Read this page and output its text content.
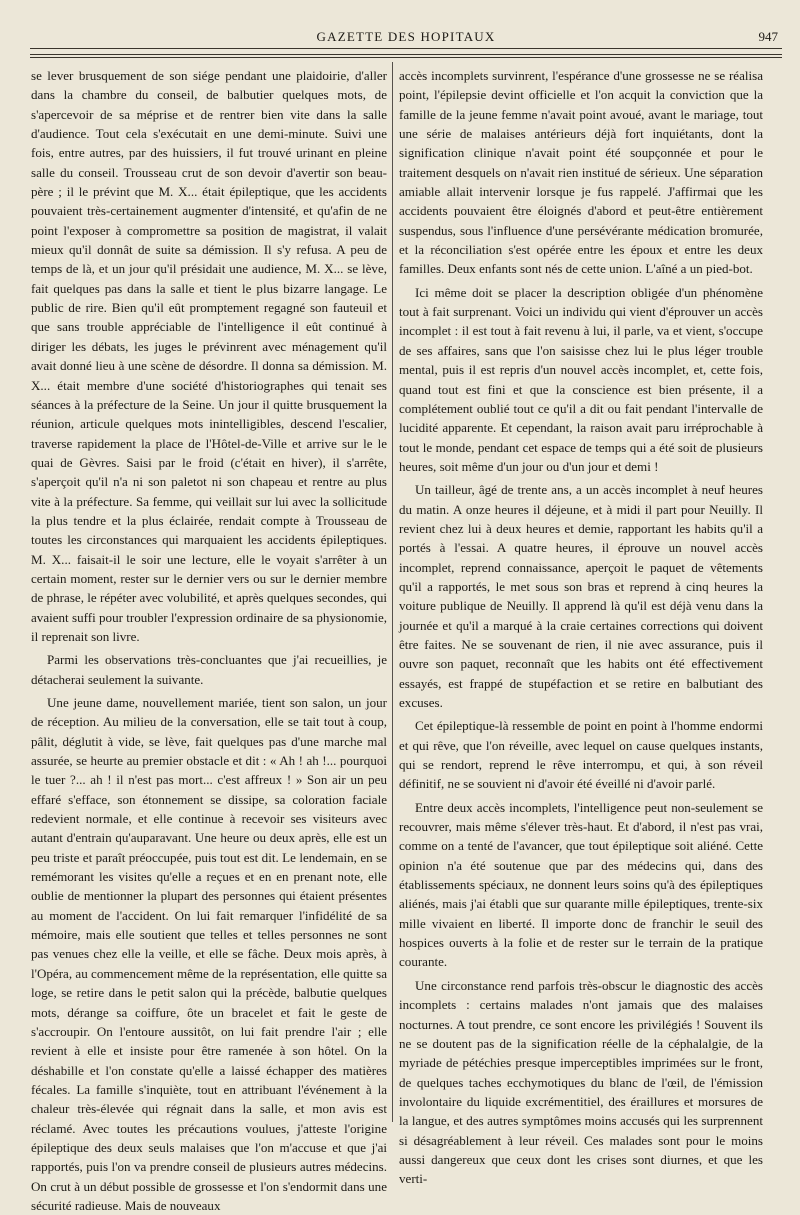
GAZETTE DES HOPITAUX	947

se lever brusquement de son siége pendant une plaidoirie, d'aller dans la chambre du conseil, de balbutier quelques mots, de s'apercevoir de sa méprise et de rentrer bien vite dans la salle d'audience. Tout cela s'exécutait en une demi-minute. Suivi une fois, entre autres, par des huissiers, il fut trouvé urinant en pleine salle du conseil. Trousseau crut de son devoir d'avertir son beau-père ; il le prévint que M. X... était épileptique, que les accidents pouvaient très-certainement augmenter d'intensité, et qu'afin de ne point l'exposer à compromettre sa position de magistrat, il valait mieux qu'il donnât de suite sa démission. Il s'y refusa. A peu de temps de là, et un jour qu'il présidait une audience, M. X... se lève, fait quelques pas dans la salle et tient le plus bizarre langage. Le public de rire. Bien qu'il eût promptement regagné son fauteuil et que sans trouble appréciable de l'intelligence il eût continué à diriger les débats, les juges le prévinrent avec ménagement qu'il avait donné lieu à une scène de désordre. Il donna sa démission. M. X... était membre d'une société d'historiographes qui tenait ses séances à la préfecture de la Seine. Un jour il quitte brusquement la réunion, articule quelques mots inintelligibles, descend l'escalier, traverse rapidement la place de l'Hôtel-de-Ville et arrive sur le le quai de Gèvres. Saisi par le froid (c'était en hiver), il s'arrête, s'aperçoit qu'il n'a ni son paletot ni son chapeau et rentre au plus vite à la préfecture. Sa femme, qui veillait sur lui avec la sollicitude la plus tendre et la plus éclairée, rendait compte à Trousseau de toutes les circonstances qui marquaient les accidents épileptiques. M. X... faisait-il le soir une lecture, elle le voyait s'arrêter à un certain moment, rester sur le dernier vers ou sur le dernier membre de phrase, le répéter avec volubilité, et après quelques secondes, qui avaient suffi pour troubler l'expression ordinaire de sa physionomie, il reprenait son livre.

Parmi les observations très-concluantes que j'ai recueillies, je détacherai seulement la suivante.

Une jeune dame, nouvellement mariée, tient son salon, un jour de réception. Au milieu de la conversation, elle se tait tout à coup, pâlit, déglutit à vide, se lève, fait quelques pas d'une marche mal assurée, se heurte au premier obstacle et dit : « Ah ! ah !... pourquoi le tuer ?... ah ! il n'est pas mort... c'est affreux ! » Son air un peu effaré s'efface, son étonnement se dissipe, sa coloration faciale redevient normale, et elle continue à recevoir ses visiteurs avec autant d'entrain qu'auparavant. Une heure ou deux après, elle est un peu triste et paraît préoccupée, puis tout est dit. Le lendemain, en se remémorant les visites qu'elle a reçues et en en prenant note, elle oublie de mentionner la plupart des personnes qui étaient présentes au moment de l'accident. On lui fait remarquer l'infidélité de sa mémoire, mais elle soutient que telles et telles personnes ne sont pas venues chez elle la veille, et elle se fâche. Deux mois après, à l'Opéra, au commencement même de la représentation, elle quitte sa loge, se retire dans le petit salon qui la précède, balbutie quelques mots, dérange sa coiffure, ôte un bracelet et fait le geste de s'accroupir. On l'entoure aussitôt, on lui fait prendre l'air ; elle revient à elle et insiste pour être ramenée à son hôtel. On la déshabille et l'on constate qu'elle a laissé échapper des matières fécales. La famille s'inquiète, tout en attribuant l'événement à la chaleur très-élevée qui régnait dans la salle, et mon avis est réclamé. Avec toutes les précautions voulues, j'atteste l'origine épileptique des deux seuls malaises que l'on m'accuse et que j'ai rapportés, puis l'on va prendre conseil de plusieurs autres médecins. On crut à un début possible de grossesse et l'on s'endormit dans une sécurité radieuse. Mais de nouveaux

accès incomplets survinrent, l'espérance d'une grossesse ne se réalisa point, l'épilepsie devint officielle et l'on acquit la conviction que la famille de la jeune femme n'avait point avoué, avant le mariage, tout une série de malaises antérieurs déjà fort inquiétants, dont la signification clinique n'avait point été soupçonnée et pour le traitement desquels on n'avait rien institué de sérieux. Une séparation amiable allait intervenir lorsque je fus rappelé. J'affirmai que les accidents pouvaient être éloignés d'abord et peut-être entièrement suspendus, sous l'influence d'une persévérante médication bromurée, et la réconciliation s'est opérée entre les époux et entre les deux familles. Deux enfants sont nés de cette union. L'aîné a un pied-bot.

Ici même doit se placer la description obligée d'un phénomène tout à fait surprenant. Voici un individu qui vient d'éprouver un accès incomplet : il est tout à fait revenu à lui, il parle, va et vient, s'occupe de ses affaires, sans que l'on saisisse chez lui le plus léger trouble mental, puis il est repris d'un nouvel accès incomplet, et, cette fois, quand tout est fini et que la conscience est bien présente, il a complétement oublié tout ce qu'il a dit ou fait pendant l'intervalle de lucidité apparente. Et cependant, la raison avait paru irréprochable à tout le monde, pendant cet espace de temps qui a été soit de plusieurs heures, soit même d'un jour ou d'un jour et demi !

Un tailleur, âgé de trente ans, a un accès incomplet à neuf heures du matin. A onze heures il déjeune, et à midi il part pour Neuilly. Il revient chez lui à deux heures et demie, rapportant les habits qu'il a portés à l'essai. A quatre heures, il éprouve un nouvel accès incomplet, reprend connaissance, aperçoit le paquet de vêtements qu'il a rapportés, le met sous son bras et reprend à cinq heures la voiture publique de Neuilly. Il apprend là qu'il est déjà venu dans la journée et qu'il a marqué à la craie certaines corrections qui doivent être faites. Ne se souvenant de rien, il nie avec assurance, puis il ouvre son paquet, reconnaît que les habits ont été effectivement essayés, est frappé de stupéfaction et se retire en balbutiant des excuses.

Cet épileptique-là ressemble de point en point à l'homme endormi et qui rêve, que l'on réveille, avec lequel on cause quelques instants, qui se rendort, reprend le rêve interrompu, et qui, à son réveil définitif, ne se souvient ni d'avoir été éveillé ni d'avoir parlé.

Entre deux accès incomplets, l'intelligence peut non-seulement se recouvrer, mais même s'élever très-haut. Et d'abord, il n'est pas vrai, comme on a tenté de l'avancer, que tout épileptique soit aliéné. Cette opinion n'a été soutenue que par des médecins qui, dans des établissements spéciaux, ne donnent leurs soins qu'à des épileptiques aliénés, mais j'ai établi que sur quarante mille épileptiques, trente-six mille vivaient en liberté. Il importe donc de franchir le seuil des hospices ouverts à la folie et de rester sur le terrain de la pratique courante.

Une circonstance rend parfois très-obscur le diagnostic des accès incomplets : certains malades n'ont jamais que des malaises nocturnes. A tout prendre, ce sont encore les privilégiés ! Souvent ils ne se doutent pas de la signification réelle de la céphalalgie, de la myriade de pétéchies presque imperceptibles imprimées sur le front, de quelques taches ecchymotiques du blanc de l'œil, de l'émission involontaire du liquide excrémentitiel, des éraillures et morsures de la langue, et des autres symptômes moins accusés qui les surprennent si désagréablement à leur réveil. Ces malades sont pour le moins aussi dangereux que ceux dont les crises sont diurnes, et que les verti-
